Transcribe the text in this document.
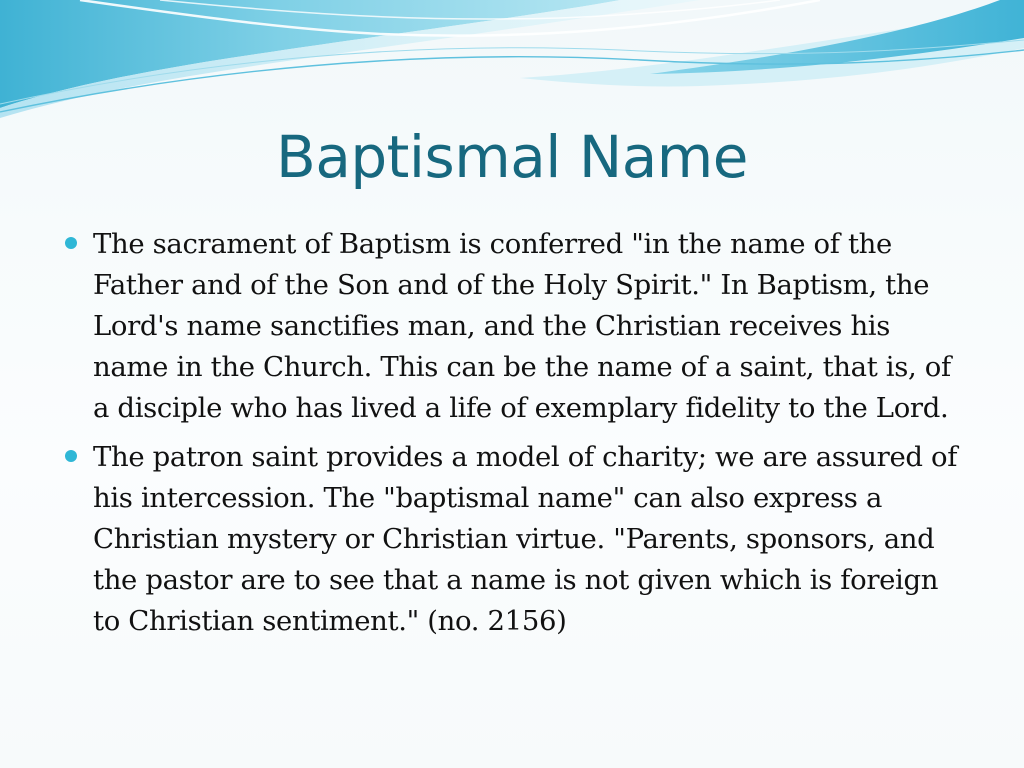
Baptismal Name
The sacrament of Baptism is conferred "in the name of the Father and of the Son and of the Holy Spirit." In Baptism, the Lord's name sanctifies man, and the Christian receives his name in the Church. This can be the name of a saint, that is, of a disciple who has lived a life of exemplary fidelity to the Lord.
The patron saint provides a model of charity; we are assured of his intercession. The "baptismal name" can also express a Christian mystery or Christian virtue. "Parents, sponsors, and the pastor are to see that a name is not given which is foreign to Christian sentiment." (no. 2156)
